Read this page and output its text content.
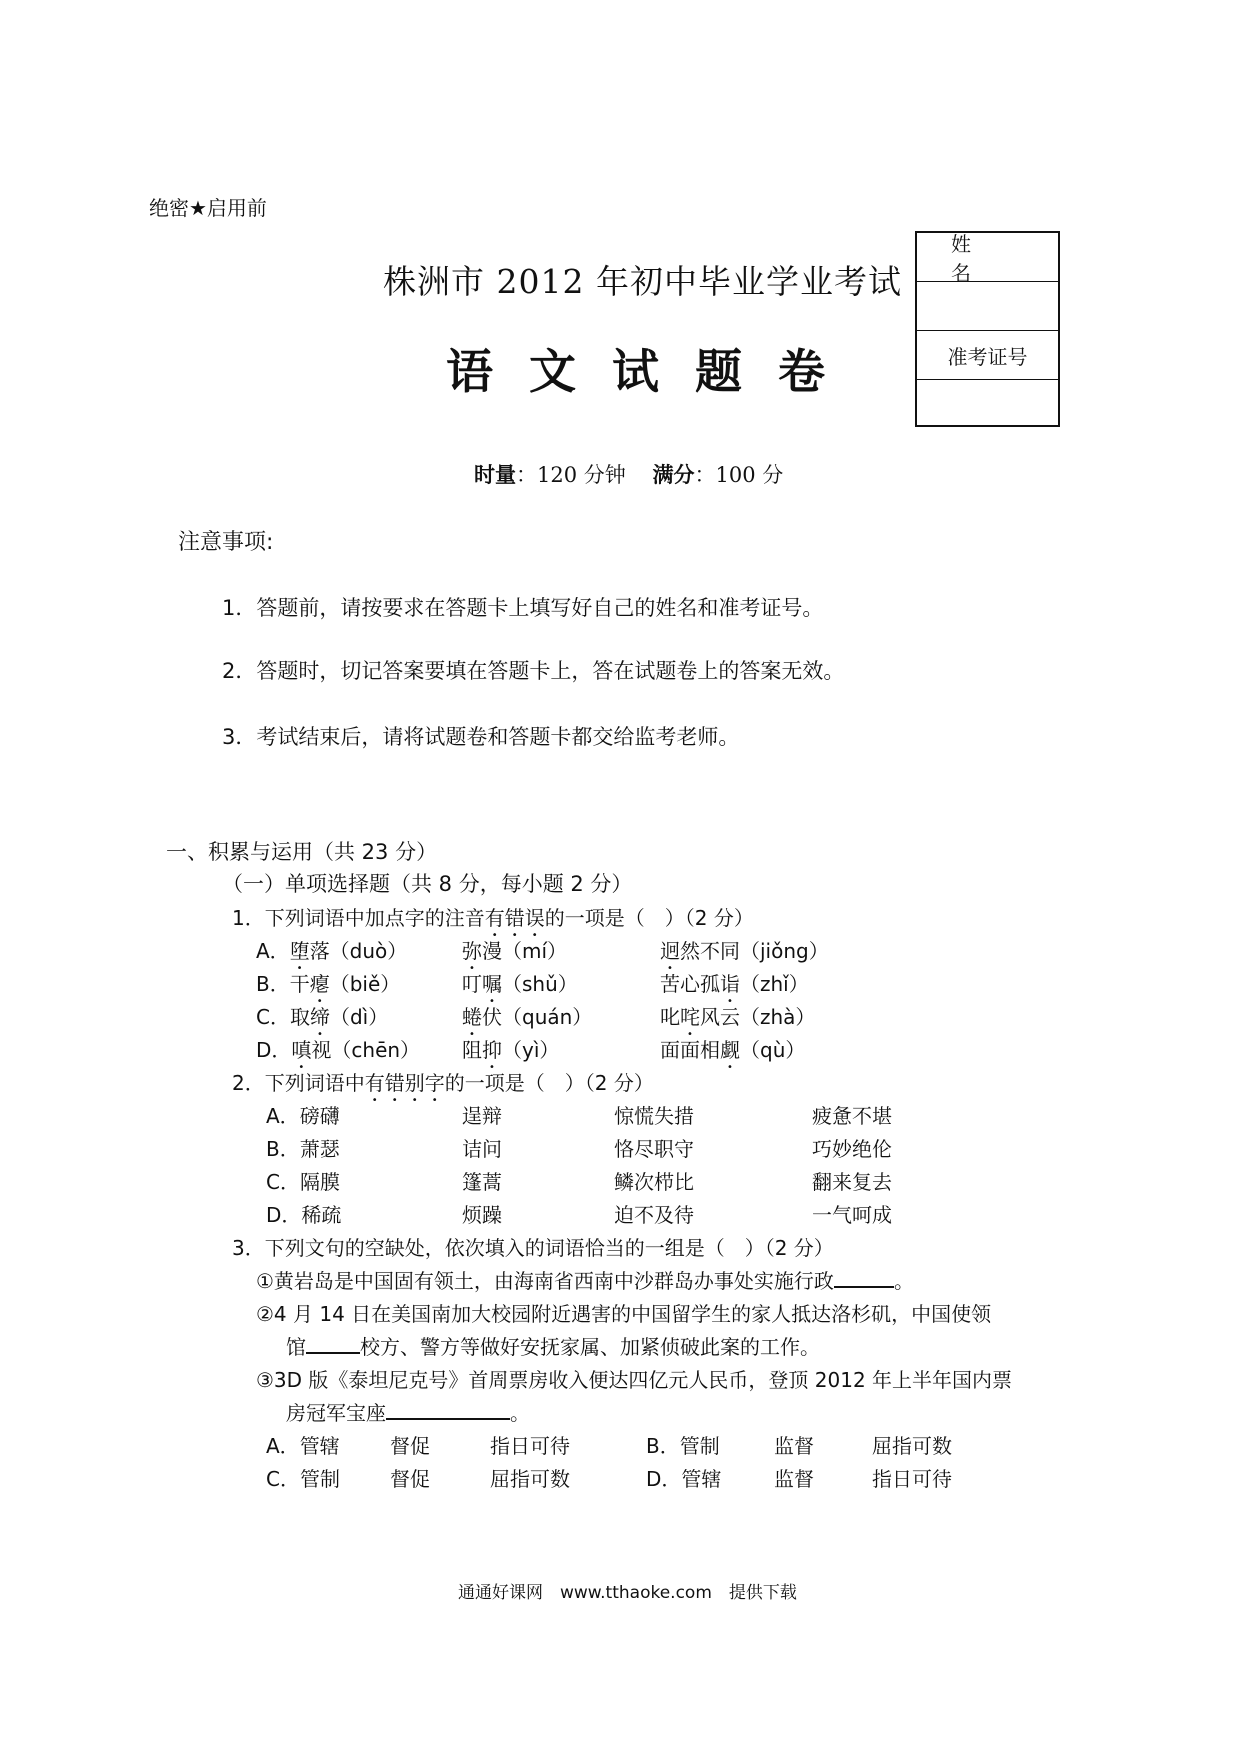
绝密★启用前
株洲市 2012 年初中毕业学业考试
语文试题卷
姓名
准考证号
时量：120 分钟 满分：100 分
注意事项:
1．答题前，请按要求在答题卡上填写好自己的姓名和准考证号。
2．答题时，切记答案要填在答题卡上，答在试题卷上的答案无效。
3．考试结束后，请将试题卷和答题卡都交给监考老师。
一、积累与运用（共 23 分）
（一）单项选择题（共 8 分，每小题 2 分）
1．下列词语中加点字的注音有错误的一项是（　）（2 分）
A．堕落（duò）	弥漫（mí）	迥然不同（jiǒng）
B．干瘪（biě）	叮嘱（shǔ）	苦心孤诣（zhǐ）
C．取缔（dì）	蜷伏（quán）	叱咤风云（zhà）
D．嗔视（chēn） 阻抑（yì）	面面相觑（qù）
2．下列词语中有错别字的一项是（　）（2 分）
A．磅礴	逞辩	惊慌失措	疲惫不堪
B．萧瑟	诘问	恪尽职守	巧妙绝伦
C．隔膜	篷蒿	鳞次栉比	翻来复去
D．稀疏	烦躁	迫不及待	一气呵成
3．下列文句的空缺处，依次填入的词语恰当的一组是（　）（2 分）
①黄岩岛是中国固有领土，由海南省西南中沙群岛办事处实施行政	。
②4 月 14 日在美国南加大校园附近遇害的中国留学生的家人抵达洛杉矶，中国使领
馆	校方、警方等做好安抚家属、加紧侦破此案的工作。
③3D 版《泰坦尼克号》首周票房收入便达四亿元人民币，登顶 2012 年上半年国内票
房冠军宝座	。
A．管辖	督促	指日可待	B．管制	监督	屈指可数
C．管制	督促	屈指可数	D．管辖	监督	指日可待
通通好课网　www.tthaoke.com　提供下载
